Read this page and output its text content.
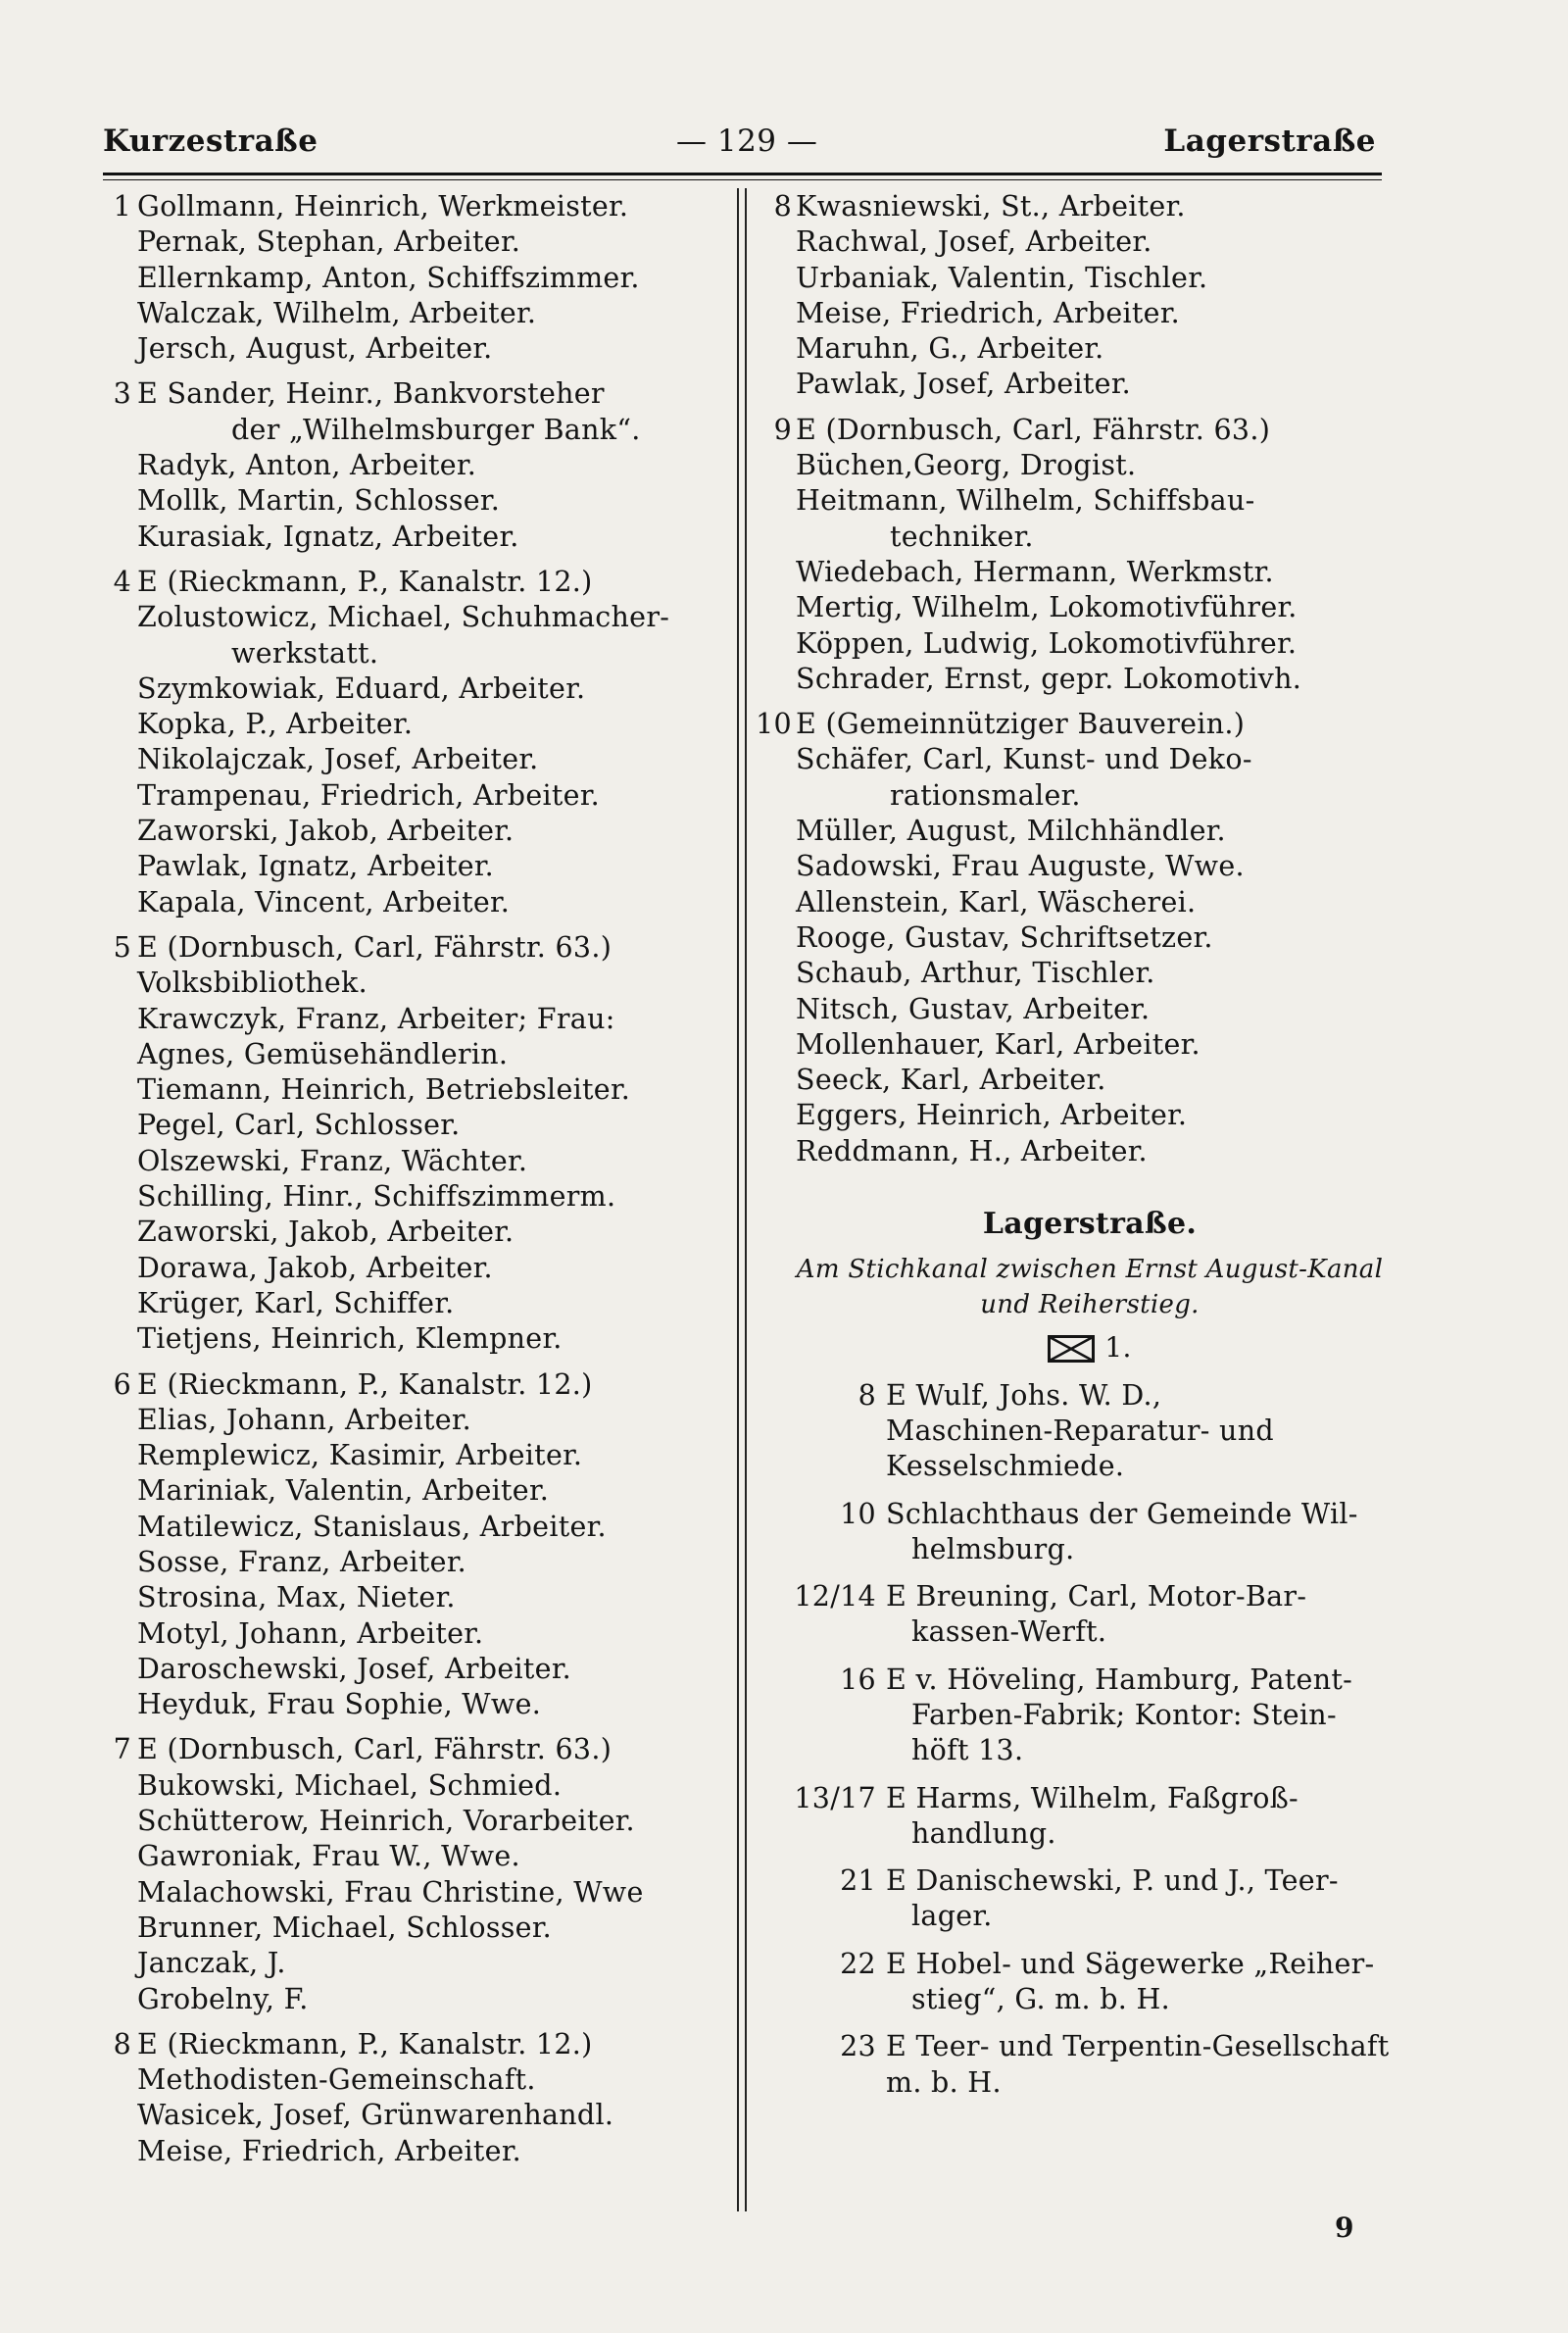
Kurzestraße	— 129 —	Lagerstraße
1 Gollmann, Heinrich, Werkmeister.
Pernak, Stephan, Arbeiter.
Ellernkamp, Anton, Schiffszimmer.
Walczak, Wilhelm, Arbeiter.
Jersch, August, Arbeiter.
3 E Sander, Heinr., Bankvorsteher
der „Wilhelmsburger Bank“.
Radyk, Anton, Arbeiter.
Mollk, Martin, Schlosser.
Kurasiak, Ignatz, Arbeiter.
4 E (Rieckmann, P., Kanalstr. 12.)
Zolustowicz, Michael, Schuhmacher-
werkstatt.
Szymkowiak, Eduard, Arbeiter.
Kopka, P., Arbeiter.
Nikolajczak, Josef, Arbeiter.
Trampenau, Friedrich, Arbeiter.
Zaworski, Jakob, Arbeiter.
Pawlak, Ignatz, Arbeiter.
Kapala, Vincent, Arbeiter.
5 E (Dornbusch, Carl, Fährstr. 63.)
Volksbibliothek.
Krawczyk, Franz, Arbeiter; Frau:
Agnes, Gemüsehändlerin.
Tiemann, Heinrich, Betriebsleiter.
Pegel, Carl, Schlosser.
Olszewski, Franz, Wächter.
Schilling, Hinr., Schiffszimmerm.
Zaworski, Jakob, Arbeiter.
Dorawa, Jakob, Arbeiter.
Krüger, Karl, Schiffer.
Tietjens, Heinrich, Klempner.
6 E (Rieckmann, P., Kanalstr. 12.)
Elias, Johann, Arbeiter.
Remplewicz, Kasimir, Arbeiter.
Mariniak, Valentin, Arbeiter.
Matilewicz, Stanislaus, Arbeiter.
Sosse, Franz, Arbeiter.
Strosina, Max, Nieter.
Motyl, Johann, Arbeiter.
Daroschewski, Josef, Arbeiter.
Heyduk, Frau Sophie, Wwe.
7 E (Dornbusch, Carl, Fährstr. 63.)
Bukowski, Michael, Schmied.
Schütterow, Heinrich, Vorarbeiter.
Gawroniak, Frau W., Wwe.
Malachowski, Frau Christine, Wwe
Brunner, Michael, Schlosser.
Janczak, J.
Grobelny, F.
8 E (Rieckmann, P., Kanalstr. 12.)
Methodisten-Gemeinschaft.
Wasicek, Josef, Grünwarenhandl.
Meise, Friedrich, Arbeiter.
8 Kwasniewski, St., Arbeiter.
Rachwal, Josef, Arbeiter.
Urbaniak, Valentin, Tischler.
Meise, Friedrich, Arbeiter.
Maruhn, G., Arbeiter.
Pawlak, Josef, Arbeiter.
9 E (Dornbusch, Carl, Fährstr. 63.)
Büchen,Georg, Drogist.
Heitmann, Wilhelm, Schiffsbau-
techniker.
Wiedebach, Hermann, Werkmstr.
Mertig, Wilhelm, Lokomotivführer.
Köppen, Ludwig, Lokomotivführer.
Schrader, Ernst, gepr. Lokomotivh.
10 E (Gemeinnütziger Bauverein.)
Schäfer, Carl, Kunst- und Deko-
rationsmaler.
Müller, August, Milchhändler.
Sadowski, Frau Auguste, Wwe.
Allenstein, Karl, Wäscherei.
Rooge, Gustav, Schriftsetzer.
Schaub, Arthur, Tischler.
Nitsch, Gustav, Arbeiter.
Mollenhauer, Karl, Arbeiter.
Seeck, Karl, Arbeiter.
Eggers, Heinrich, Arbeiter.
Reddmann, H., Arbeiter.
Lagerstraße.
Am Stichkanal zwischen Ernst August-Kanal
und Reiherstieg.
1.
8 E Wulf, Johs. W. D.,
Maschinen-Reparatur- und
Kesselschmiede.
10 Schlachthaus der Gemeinde Wil-
helmsburg.
12/14 E Breuning, Carl, Motor-Bar-
kassen-Werft.
16 E v. Höveling, Hamburg, Patent-
Farben-Fabrik; Kontor: Stein-
höft 13.
13/17 E Harms, Wilhelm, Faßgroß-
handlung.
21 E Danischewski, P. und J., Teer-
lager.
22 E Hobel- und Sägewerke „Reiher-
stieg“, G. m. b. H.
23 E Teer- und Terpentin-Gesellschaft
m. b. H.
9
